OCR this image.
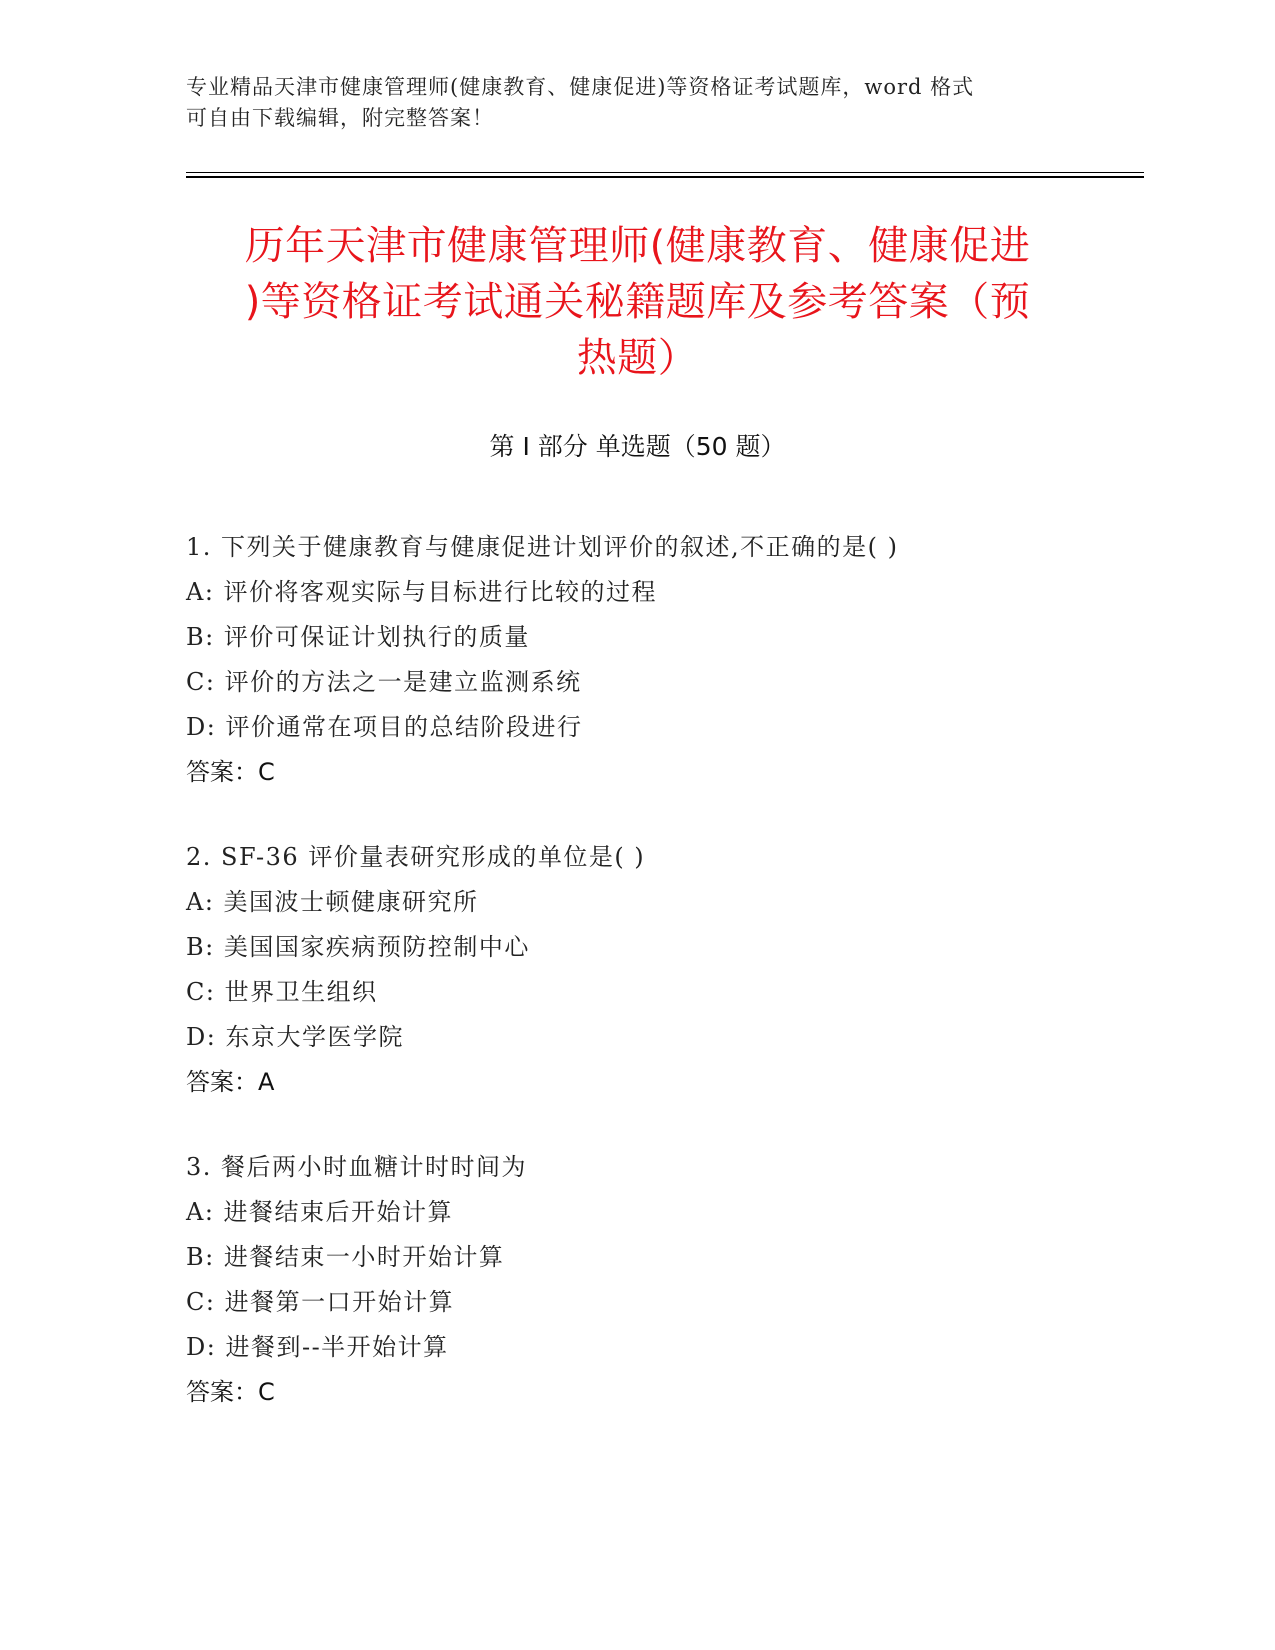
专业精品天津市健康管理师(健康教育、健康促进)等资格证考试题库，word 格式
可自由下载编辑，附完整答案！
历年天津市健康管理师(健康教育、健康促进
)等资格证考试通关秘籍题库及参考答案（预
热题）
第 I 部分 单选题（50 题）
1. 下列关于健康教育与健康促进计划评价的叙述,不正确的是( )
A: 评价将客观实际与目标进行比较的过程
B: 评价可保证计划执行的质量
C: 评价的方法之一是建立监测系统
D: 评价通常在项目的总结阶段进行
答案：C
2. SF-36 评价量表研究形成的单位是( )
A: 美国波士顿健康研究所
B: 美国国家疾病预防控制中心
C: 世界卫生组织
D: 东京大学医学院
答案：A
3. 餐后两小时血糖计时时间为
A: 进餐结束后开始计算
B: 进餐结束一小时开始计算
C: 进餐第一口开始计算
D: 进餐到--半开始计算
答案：C
